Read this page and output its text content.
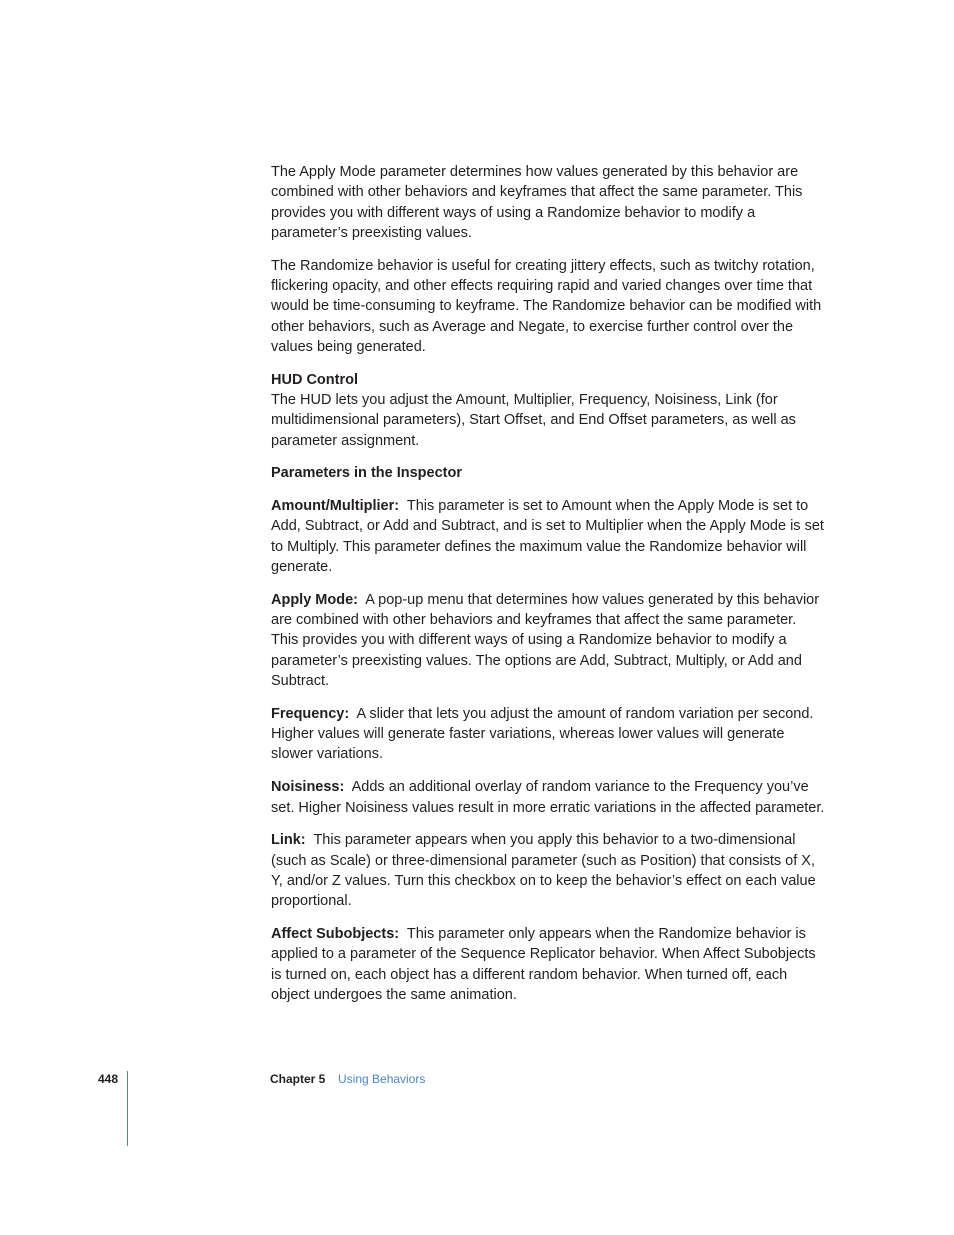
The Apply Mode parameter determines how values generated by this behavior are combined with other behaviors and keyframes that affect the same parameter. This provides you with different ways of using a Randomize behavior to modify a parameter’s preexisting values.

The Randomize behavior is useful for creating jittery effects, such as twitchy rotation, flickering opacity, and other effects requiring rapid and varied changes over time that would be time-consuming to keyframe. The Randomize behavior can be modified with other behaviors, such as Average and Negate, to exercise further control over the values being generated.

HUD Control
The HUD lets you adjust the Amount, Multiplier, Frequency, Noisiness, Link (for multidimensional parameters), Start Offset, and End Offset parameters, as well as parameter assignment.

Parameters in the Inspector

Amount/Multiplier: This parameter is set to Amount when the Apply Mode is set to Add, Subtract, or Add and Subtract, and is set to Multiplier when the Apply Mode is set to Multiply. This parameter defines the maximum value the Randomize behavior will generate.

Apply Mode: A pop-up menu that determines how values generated by this behavior are combined with other behaviors and keyframes that affect the same parameter. This provides you with different ways of using a Randomize behavior to modify a parameter’s preexisting values. The options are Add, Subtract, Multiply, or Add and Subtract.

Frequency: A slider that lets you adjust the amount of random variation per second. Higher values will generate faster variations, whereas lower values will generate slower variations.

Noisiness: Adds an additional overlay of random variance to the Frequency you’ve set. Higher Noisiness values result in more erratic variations in the affected parameter.

Link: This parameter appears when you apply this behavior to a two-dimensional (such as Scale) or three-dimensional parameter (such as Position) that consists of X, Y, and/or Z values. Turn this checkbox on to keep the behavior’s effect on each value proportional.

Affect Subobjects: This parameter only appears when the Randomize behavior is applied to a parameter of the Sequence Replicator behavior. When Affect Subobjects is turned on, each object has a different random behavior. When turned off, each object undergoes the same animation.

448	Chapter 5 Using Behaviors
